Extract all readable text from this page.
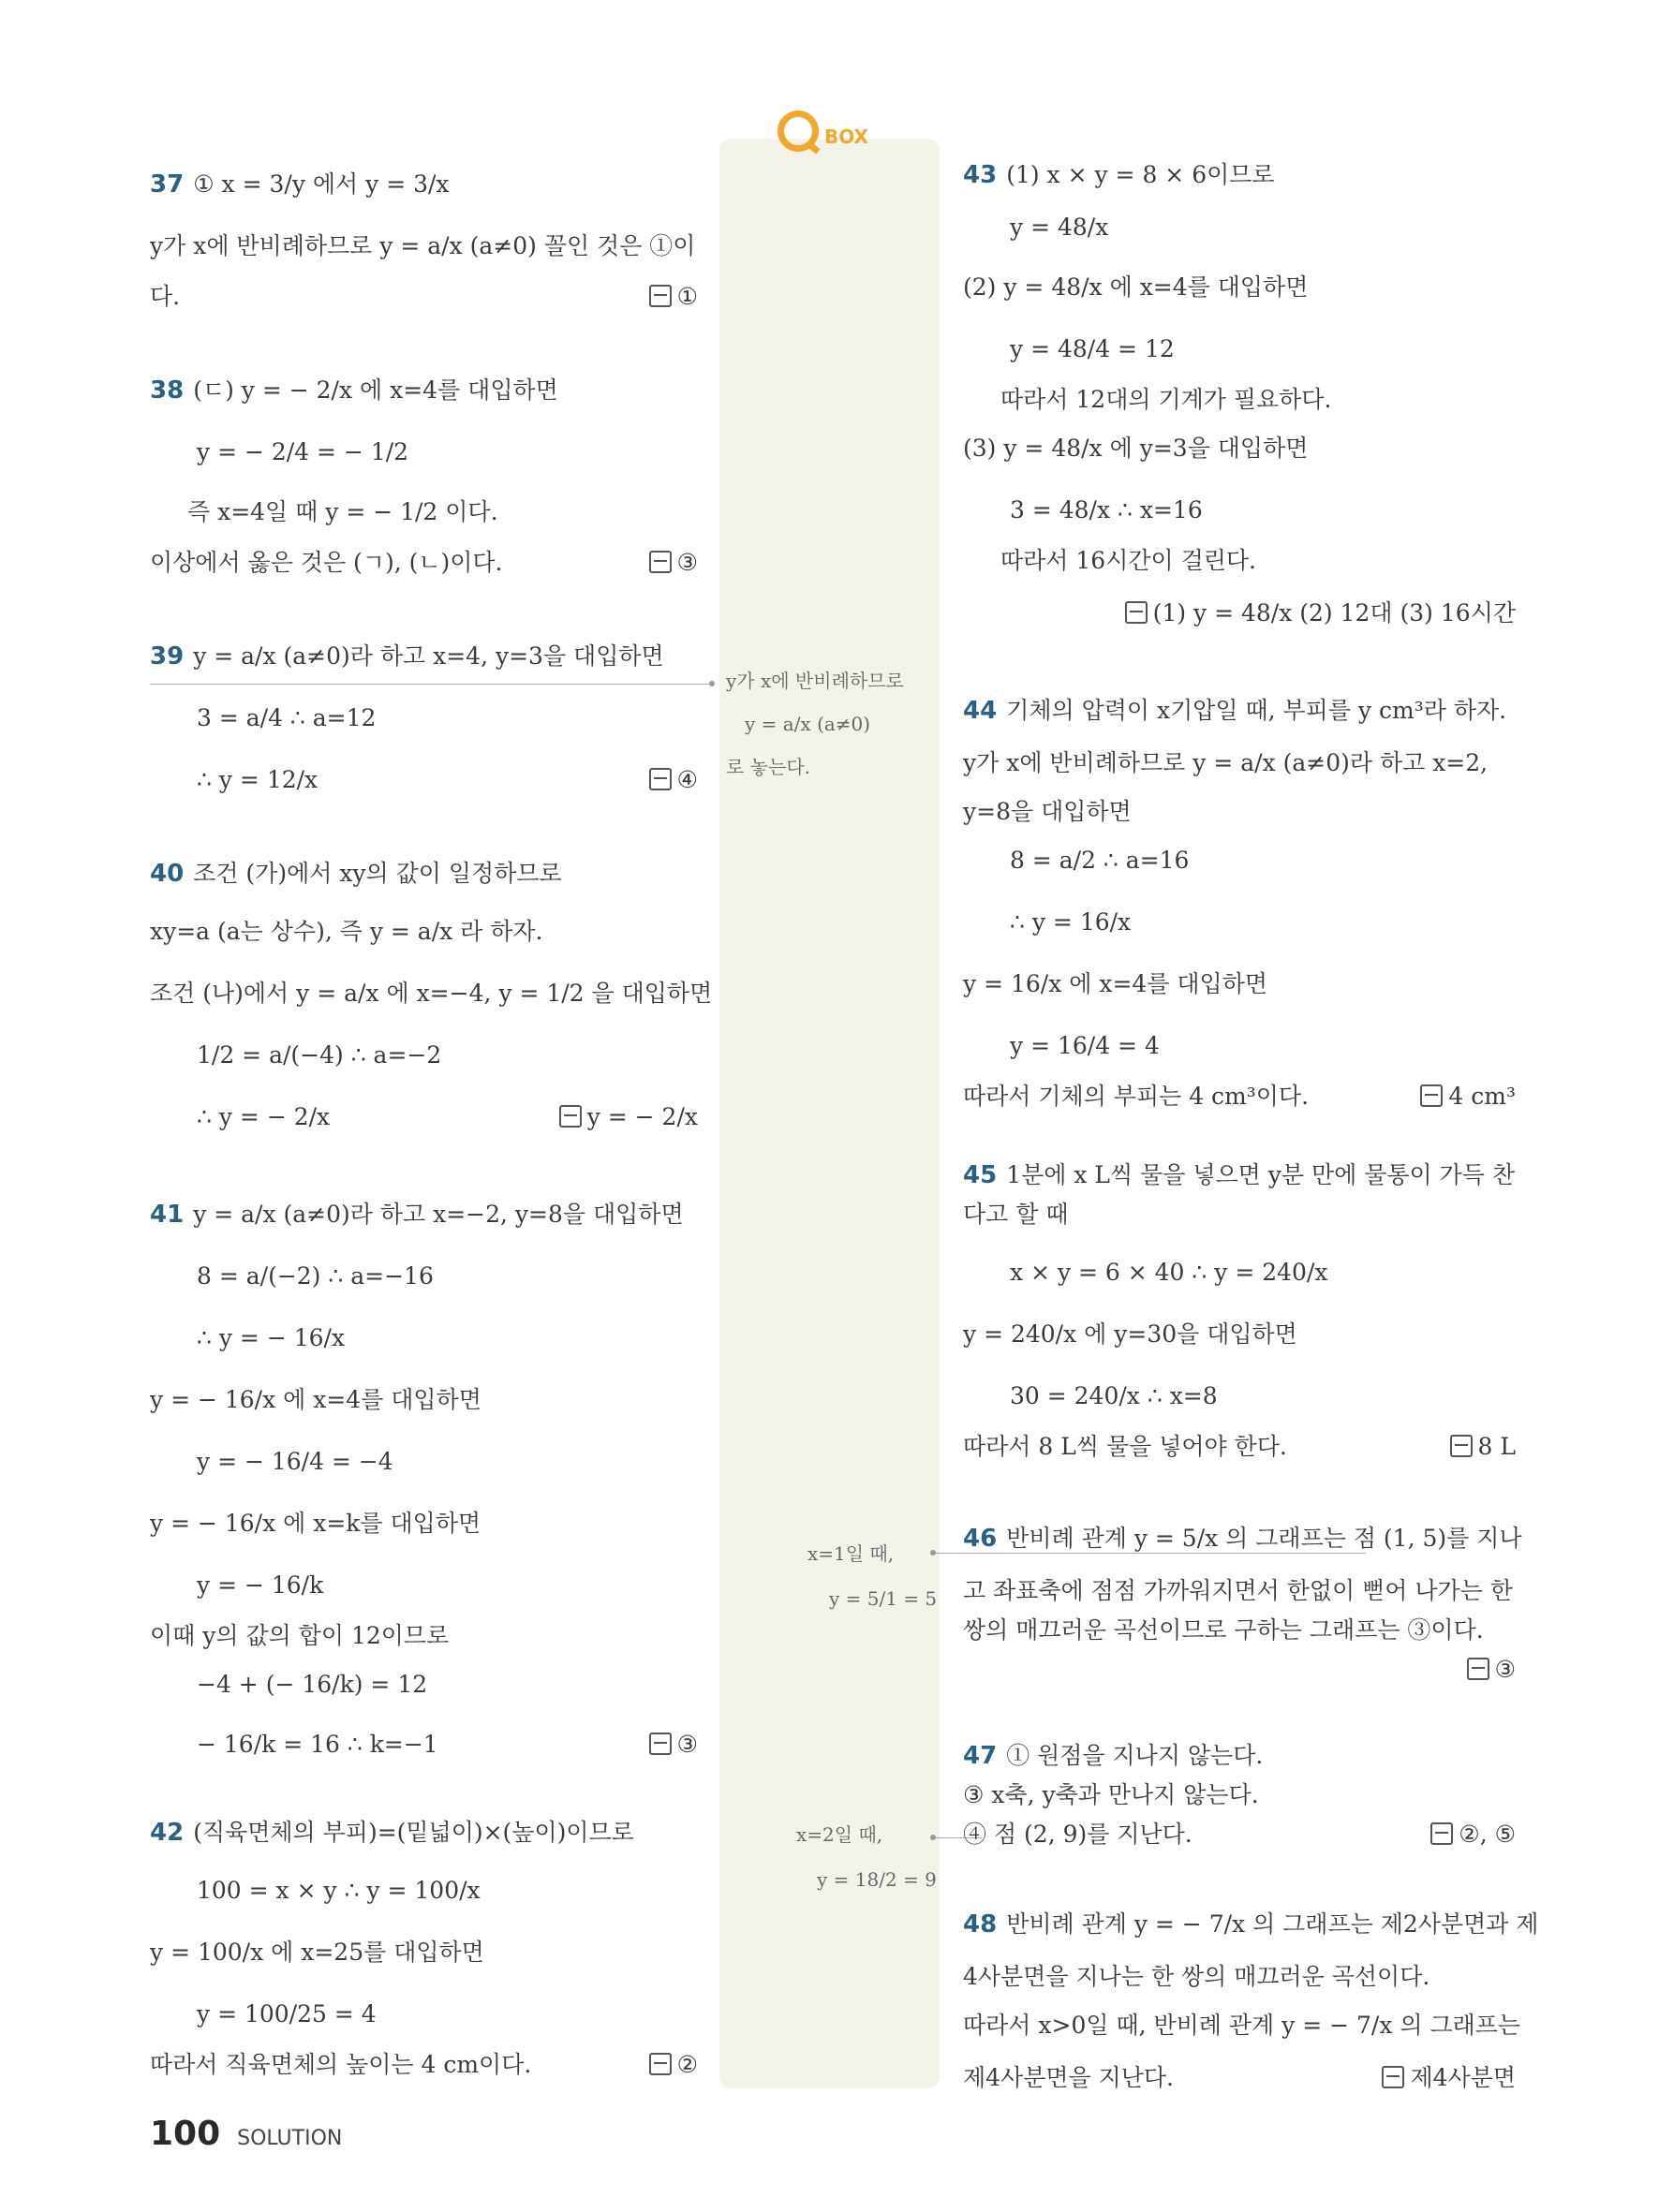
BOX
37 ① x = 3/y 에서 y = 3/x
y가 x에 반비례하므로 y = a/x (a≠0) 꼴인 것은 ①이
다.	①
38 (ㄷ) y = − 2/x 에 x=4를 대입하면
y = − 2/4 = − 1/2
즉 x=4일 때 y = − 1/2 이다.
이상에서 옳은 것은 (ㄱ), (ㄴ)이다.	③
39 y = a/x (a≠0)라 하고 x=4, y=3을 대입하면
3 = a/4 ∴ a=12
∴ y = 12/x	④
40 조건 (가)에서 xy의 값이 일정하므로
xy=a (a는 상수), 즉 y = a/x 라 하자.
조건 (나)에서 y = a/x 에 x=−4, y = 1/2 을 대입하면
1/2 = a/(−4) ∴ a=−2
∴ y = − 2/x	y = − 2/x
41 y = a/x (a≠0)라 하고 x=−2, y=8을 대입하면
8 = a/(−2) ∴ a=−16
∴ y = − 16/x
y = − 16/x 에 x=4를 대입하면
y = − 16/4 = −4
y = − 16/x 에 x=k를 대입하면
y = − 16/k
이때 y의 값의 합이 12이므로
−4 + (− 16/k) = 12
− 16/k = 16 ∴ k=−1	③
42 (직육면체의 부피)=(밑넓이)×(높이)이므로
100 = x × y ∴ y = 100/x
y = 100/x 에 x=25를 대입하면
y = 100/25 = 4
따라서 직육면체의 높이는 4 cm이다.	②
y가 x에 반비례하므로
y = a/x (a≠0)
로 놓는다.
x=1일 때,
y = 5/1 = 5
x=2일 때,
y = 18/2 = 9
43 (1) x × y = 8 × 6이므로
y = 48/x
(2) y = 48/x 에 x=4를 대입하면
y = 48/4 = 12
따라서 12대의 기계가 필요하다.
(3) y = 48/x 에 y=3을 대입하면
3 = 48/x ∴ x=16
따라서 16시간이 걸린다.
(1) y = 48/x (2) 12대 (3) 16시간
44 기체의 압력이 x기압일 때, 부피를 y cm³라 하자.
y가 x에 반비례하므로 y = a/x (a≠0)라 하고 x=2,
y=8을 대입하면
8 = a/2 ∴ a=16
∴ y = 16/x
y = 16/x 에 x=4를 대입하면
y = 16/4 = 4
따라서 기체의 부피는 4 cm³이다.	4 cm³
45 1분에 x L씩 물을 넣으면 y분 만에 물통이 가득 찬
다고 할 때
x × y = 6 × 40 ∴ y = 240/x
y = 240/x 에 y=30을 대입하면
30 = 240/x ∴ x=8
따라서 8 L씩 물을 넣어야 한다.	8 L
46 반비례 관계 y = 5/x 의 그래프는 점 (1, 5)를 지나
고 좌표축에 점점 가까워지면서 한없이 뻗어 나가는 한
쌍의 매끄러운 곡선이므로 구하는 그래프는 ③이다.
③
47 ① 원점을 지나지 않는다.
③ x축, y축과 만나지 않는다.
④ 점 (2, 9)를 지난다.	②, ⑤
48 반비례 관계 y = − 7/x 의 그래프는 제2사분면과 제
4사분면을 지나는 한 쌍의 매끄러운 곡선이다.
따라서 x>0일 때, 반비례 관계 y = − 7/x 의 그래프는
제4사분면을 지난다.	제4사분면
100 SOLUTION
